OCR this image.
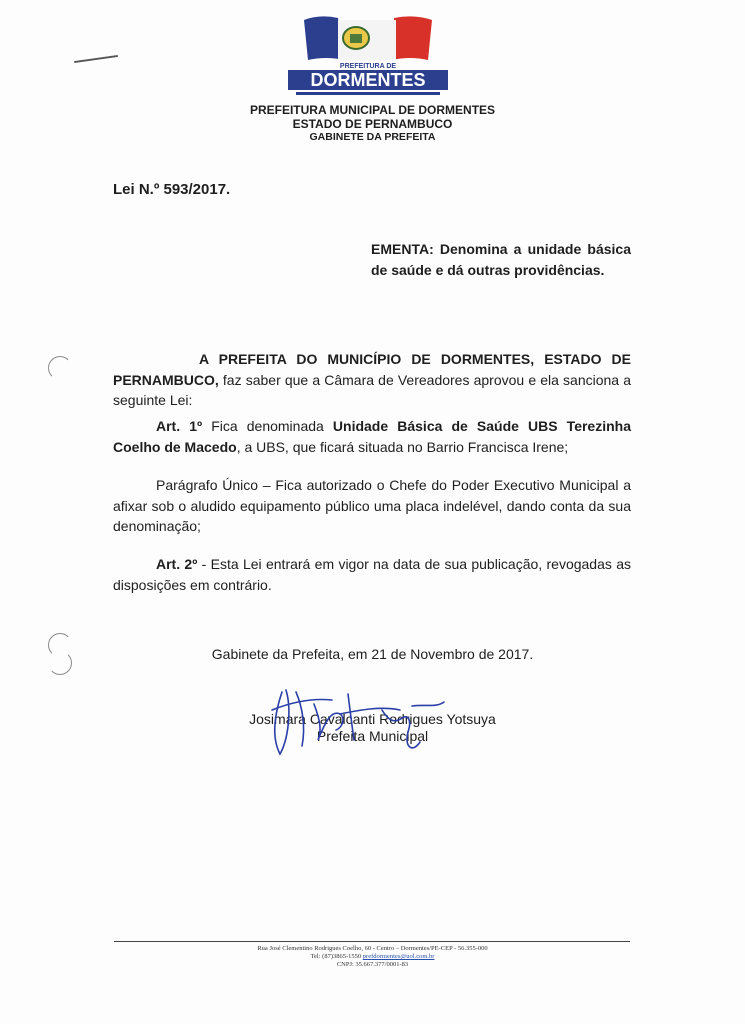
PREFEITURA DE
DORMENTES
PREFEITURA MUNICIPAL DE DORMENTES
ESTADO DE PERNAMBUCO
GABINETE DA PREFEITA
Lei N.º 593/2017.
EMENTA: Denomina a unidade básica de saúde e dá outras providências.
A PREFEITA DO MUNICÍPIO DE DORMENTES, ESTADO DE PERNAMBUCO, faz saber que a Câmara de Vereadores aprovou e ela sanciona a seguinte Lei:
Art. 1º Fica denominada Unidade Básica de Saúde UBS Terezinha Coelho de Macedo, a UBS, que ficará situada no Barrio Francisca Irene;
Parágrafo Único – Fica autorizado o Chefe do Poder Executivo Municipal a afixar sob o aludido equipamento público uma placa indelével, dando conta da sua denominação;
Art. 2º - Esta Lei entrará em vigor na data de sua publicação, revogadas as disposições em contrário.
Gabinete da Prefeita, em 21 de Novembro de 2017.
Josimara Cavalcanti Rodrigues Yotsuya
Prefeita Municipal
Rua José Clementino Rodrigues Coelho, 60 - Centro – Dormentes/PE-CEP - 56.355-000
Tel: (87)3865-1550 prefdormentes@uol.com.br
CNPJ: 35.667.377/0001-83
